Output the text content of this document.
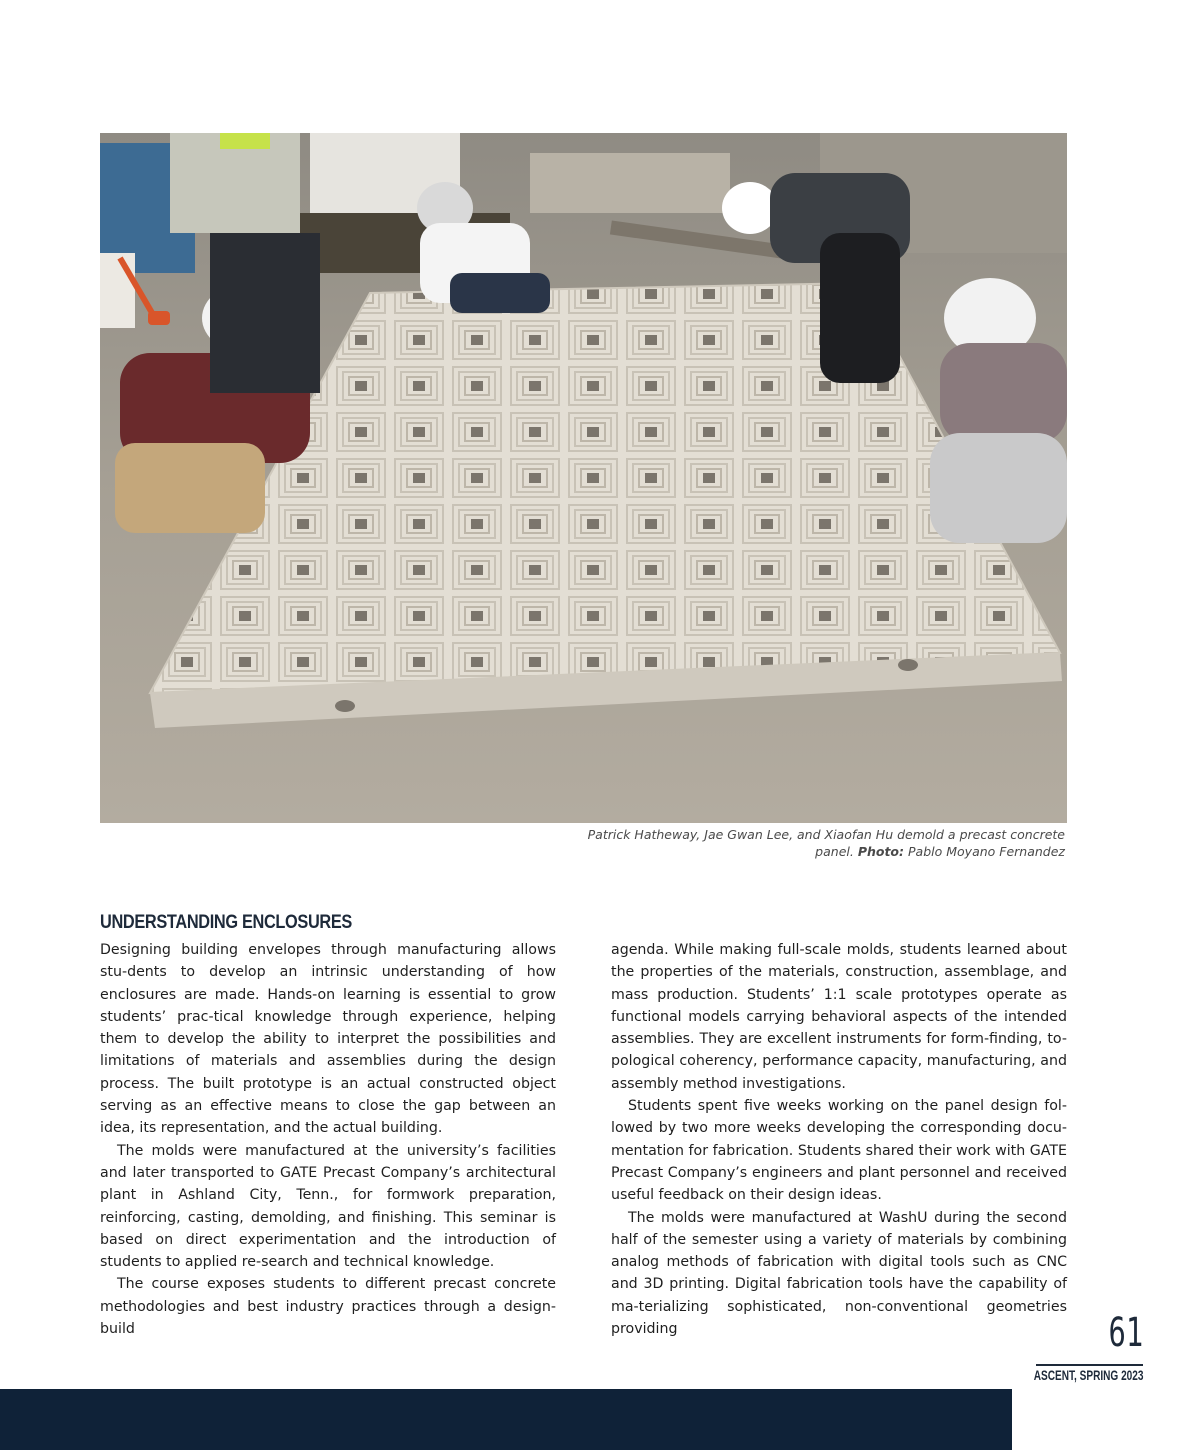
Patrick Hatheway, Jae Gwan Lee, and Xiaofan Hu demold a precast concrete panel. Photo: Pablo Moyano Fernandez
UNDERSTANDING ENCLOSURES

Designing building envelopes through manufacturing allows stu-dents to develop an intrinsic understanding of how enclosures are made. Hands-on learning is essential to grow students’ prac-tical knowledge through experience, helping them to develop the ability to interpret the possibilities and limitations of materials and assemblies during the design process. The built prototype is an actual constructed object serving as an effective means to close the gap between an idea, its representation, and the actual building.

The molds were manufactured at the university’s facilities and later transported to GATE Precast Company’s architectural plant in Ashland City, Tenn., for formwork preparation, reinforcing, casting, demolding, and finishing. This seminar is based on direct experimentation and the introduction of students to applied re-search and technical knowledge.

The course exposes students to different precast concrete methodologies and best industry practices through a design-build

agenda. While making full-scale molds, students learned about the properties of the materials, construction, assemblage, and mass production. Students’ 1:1 scale prototypes operate as functional models carrying behavioral aspects of the intended assemblies. They are excellent instruments for form-finding, to-pological coherency, performance capacity, manufacturing, and assembly method investigations.

Students spent five weeks working on the panel design fol-lowed by two more weeks developing the corresponding docu-mentation for fabrication. Students shared their work with GATE Precast Company’s engineers and plant personnel and received useful feedback on their design ideas.

The molds were manufactured at WashU during the second half of the semester using a variety of materials by combining analog methods of fabrication with digital tools such as CNC and 3D printing. Digital fabrication tools have the capability of ma-terializing sophisticated, non-conventional geometries providing	61
ASCENT, SPRING 2023
